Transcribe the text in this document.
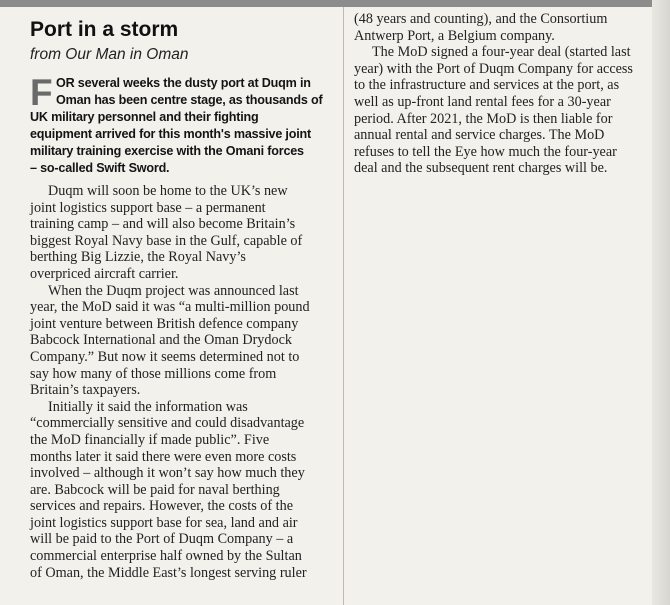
Port in a storm
from Our Man in Oman
F OR several weeks the dusty port at Duqm in
Oman has been centre stage, as thousands of
UK military personnel and their fighting
equipment arrived for this month's massive joint
military training exercise with the Omani forces
– so-called Swift Sword.

Duqm will soon be home to the UK’s new
joint logistics support base – a permanent
training camp – and will also become Britain’s
biggest Royal Navy base in the Gulf, capable of
berthing Big Lizzie, the Royal Navy’s
overpriced aircraft carrier.

When the Duqm project was announced last
year, the MoD said it was “a multi-million pound
joint venture between British defence company
Babcock International and the Oman Drydock
Company.” But now it seems determined not to
say how many of those millions come from
Britain’s taxpayers.

Initially it said the information was
“commercially sensitive and could disadvantage
the MoD financially if made public”. Five
months later it said there were even more costs
involved – although it won’t say how much they
are. Babcock will be paid for naval berthing
services and repairs. However, the costs of the
joint logistics support base for sea, land and air
will be paid to the Port of Duqm Company – a
commercial enterprise half owned by the Sultan
of Oman, the Middle East’s longest serving ruler

(48 years and counting), and the Consortium
Antwerp Port, a Belgium company.

The MoD signed a four-year deal (started last
year) with the Port of Duqm Company for access
to the infrastructure and services at the port, as
well as up-front land rental fees for a 30-year
period. After 2021, the MoD is then liable for
annual rental and service charges. The MoD
refuses to tell the Eye how much the four-year
deal and the subsequent rent charges will be.
